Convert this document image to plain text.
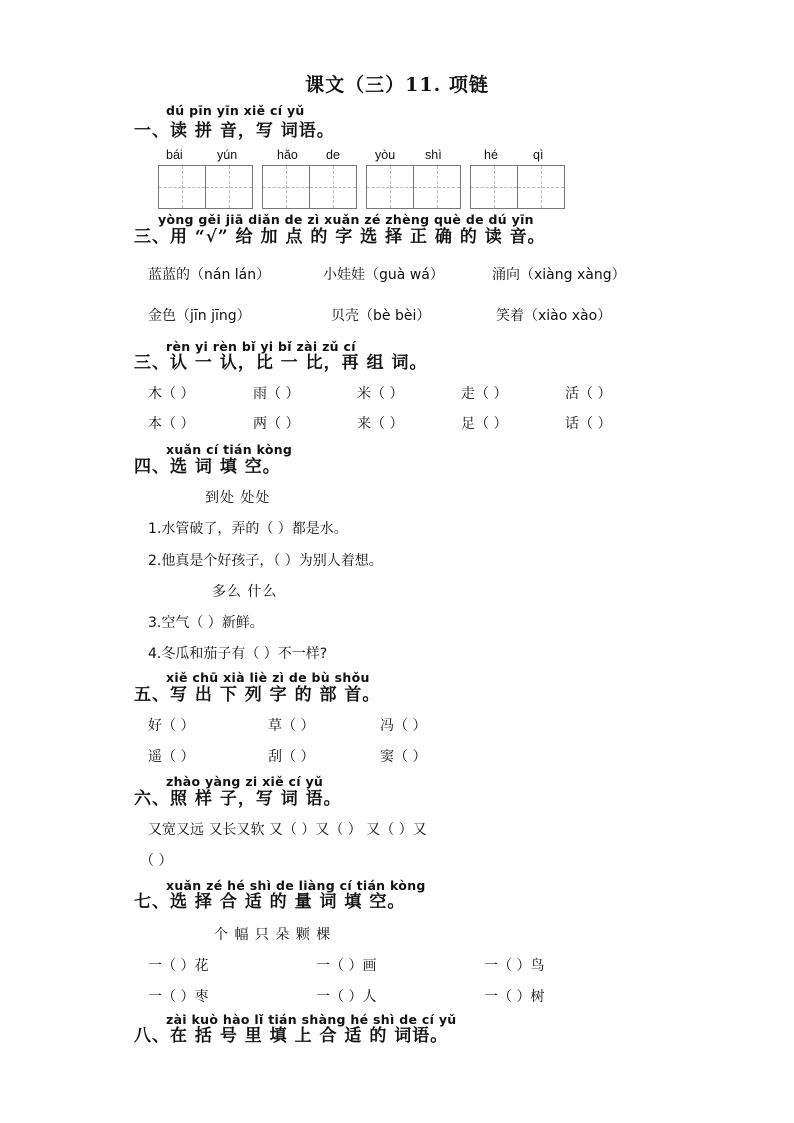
课文（三）11. 项链
dú pīn yīn xiě cí yǔ
一、读 拼 音，写 词语。
bái	yún	hǎo de	yòu shì	hé	qì
yòng gěi jiā diǎn de zì xuǎn zé zhèng què de dú yīn
三、用 “√” 给 加 点 的 字 选 择 正 确 的 读 音。
蓝蓝的（nán lán）	小娃娃（guà wá）	涌向（xiàng xàng）
金色（jīn jīng）	贝壳（bè bèi）	笑着（xiào xào）
rèn yi rèn bǐ yi bǐ zài zǔ cí
三、认 一 认，比 一 比，再 组 词。
木（ ）	雨（ ）	米（ ）	走（ ）	活（ ）
本（ ）	两（ ）	来（ ）	足（ ）	话（ ）
xuǎn cí tián kòng
四、选 词 填 空。
到处 处处
1.水管破了，弄的（ ）都是水。
2.他真是个好孩子，（ ）为别人着想。
多么 什么
3.空气（ ）新鲜。
4.冬瓜和茄子有（ ）不一样?
xiě chū xià liè zì de bù shǒu
五、写 出 下 列 字 的 部 首。
好（ ）	草（ ）	冯（ ）
遥（ ）	刮（ ）	窦（ ）
zhào yàng zi xiě cí yǔ
六、照 样 子，写 词 语。
又宽又远 又长又软 又（ ）又（ ） 又（ ）又
（ ）
xuǎn zé hé shì de liàng cí tián kòng
七、选 择 合 适 的 量 词 填 空。
个 幅 只 朵 颗 棵
一（ ）花	一（ ）画	一（ ）鸟
一（ ）枣	一（ ）人	一（ ）树
zài kuò hào lǐ tián shàng hé shì de cí yǔ
八、在 括 号 里 填 上 合 适 的 词语。
